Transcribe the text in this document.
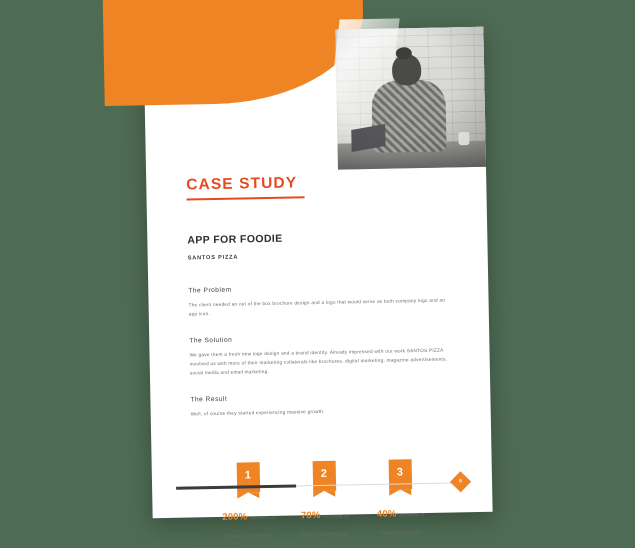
CASE STUDY
APP FOR FOODIE
SANTOS PIZZA
The Problem

The client needed an out of the box brochure design and a logo that would serve as both company logo and an app icon.

The Solution

We gave them a fresh new logo design and a brand identity. Already impressed with our work SANTOS PIZZA involved us with more of their marketing collaterals like brochures, digital marketing, magazine advertisements, social media and email marketing.

The Result

Well, of course they started experiencing massive growth.

1
200% Increase in
Brand Awareness
2
70% Increase in
Brand Preference
3
40% Increase in
Yearly Revenue
6
